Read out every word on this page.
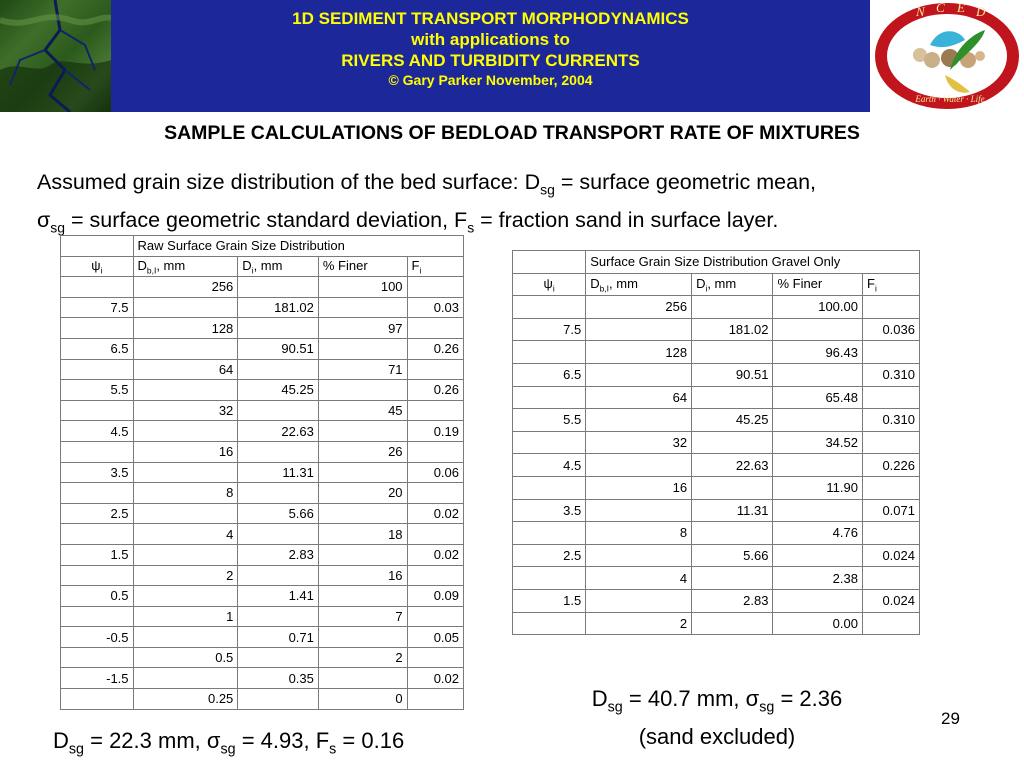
1D SEDIMENT TRANSPORT MORPHODYNAMICS
with applications to
RIVERS AND TURBIDITY CURRENTS
© Gary Parker November, 2004
N C E D
Earth · Water · Life
SAMPLE CALCULATIONS OF BEDLOAD TRANSPORT RATE OF MIXTURES
Assumed grain size distribution of the bed surface: $D_{sg}$ = surface geometric mean,
$\sigma_{sg}$ = surface geometric standard deviation, $F_s$ = fraction sand in surface layer.
	Raw Surface Grain Size Distribution			
$\psi_i$	$D_{b,I}$, mm	$D_i$, mm	% Finer	$F_i$
	256		100	
7.5		181.02		0.03
	128		97	
6.5		90.51		0.26
	64		71	
5.5		45.25		0.26
	32		45	
4.5		22.63		0.19
	16		26	
3.5		11.31		0.06
	8		20	
2.5		5.66		0.02
	4		18	
1.5		2.83		0.02
	2		16	
0.5		1.41		0.09
	1		7	
-0.5		0.71		0.05
	0.5		2	
-1.5		0.35		0.02
	0.25		0	
	Surface Grain Size Distribution Gravel Only			
$\psi_i$	$D_{b,I}$, mm	$D_i$, mm	% Finer	$F_i$
	256		100.00	
7.5		181.02		0.036
	128		96.43	
6.5		90.51		0.310
	64		65.48	
5.5		45.25		0.310
	32		34.52	
4.5		22.63		0.226
	16		11.90	
3.5		11.31		0.071
	8		4.76	
2.5		5.66		0.024
	4		2.38	
1.5		2.83		0.024
	2		0.00	
$D_{sg} = 40.7$ mm, $\sigma_{sg} = 2.36$
(sand excluded)
$D_{sg} = 22.3$ mm, $\sigma_{sg} = 4.93$, $F_s = 0.16$
29
